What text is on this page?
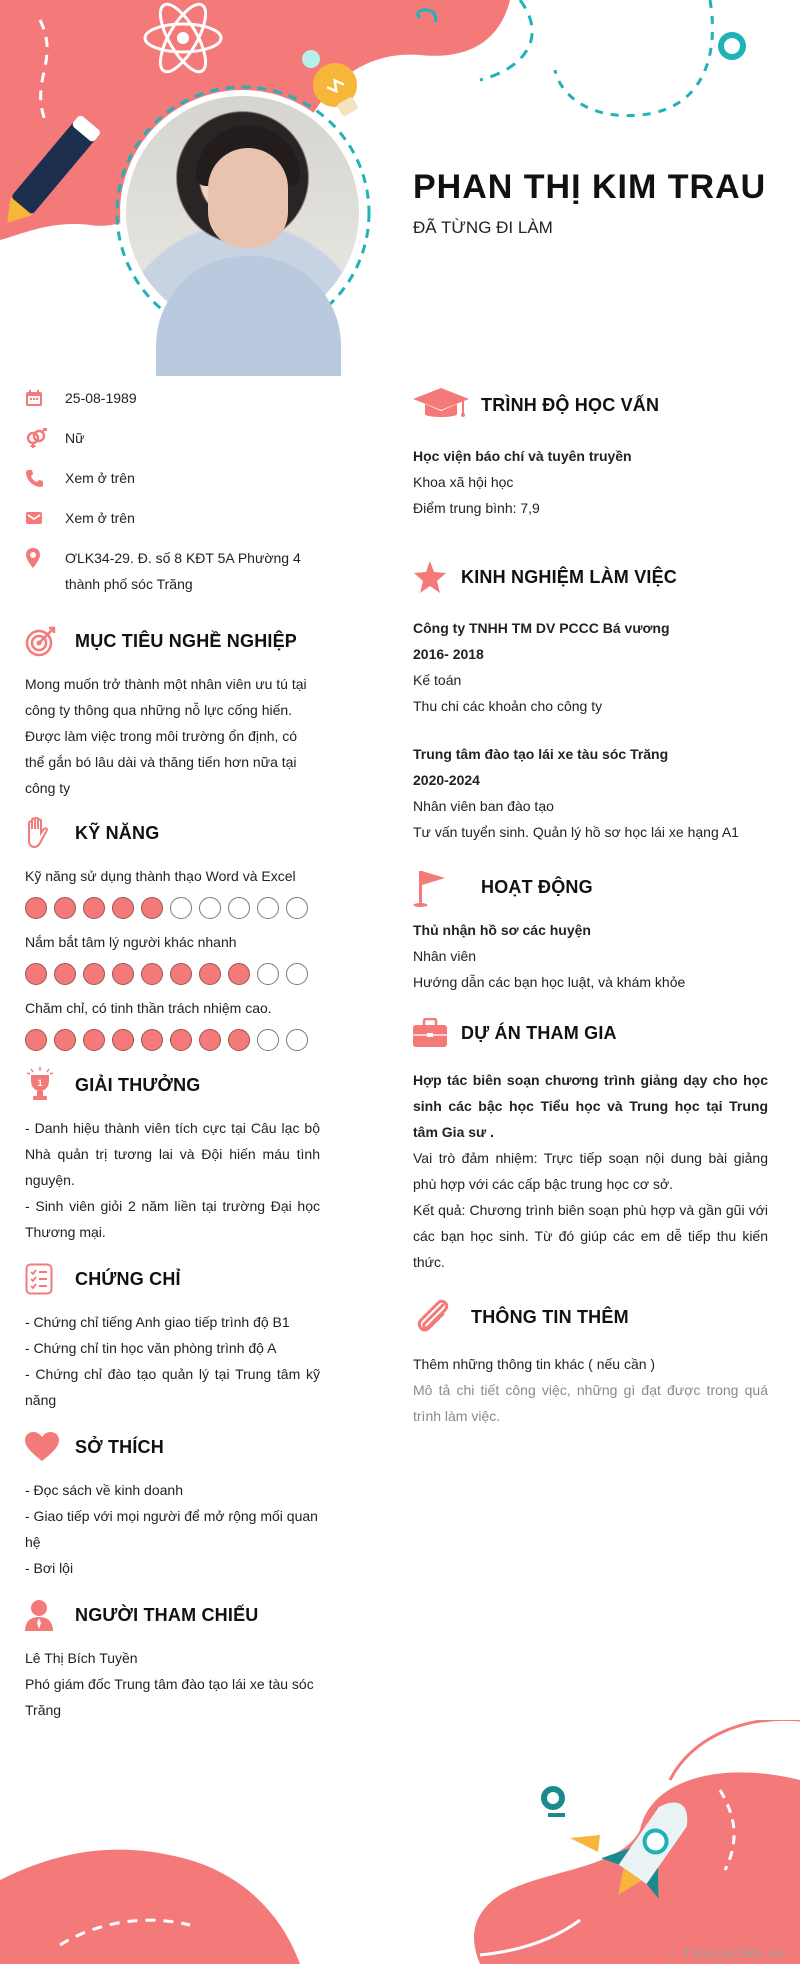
PHAN THỊ KIM TRAU
ĐÃ TỪNG ĐI LÀM
25-08-1989
Nữ
Xem ở trên
Xem ở trên
ƠLK34-29. Đ. số 8 KĐT 5A Phường 4 thành phố sóc Trăng
MỤC TIÊU NGHỀ NGHIỆP
Mong muốn trở thành một nhân viên ưu tú tại công ty thông qua những nỗ lực cống hiến. Được làm việc trong môi trường ổn định, có thể gắn bó lâu dài và thăng tiến hơn nữa tại công ty
KỸ NĂNG
Kỹ năng sử dụng thành thạo Word và Excel
Nắm bắt tâm lý người khác nhanh
Chăm chỉ, có tinh thần trách nhiệm cao.
1 GIẢI THƯỞNG
- Danh hiệu thành viên tích cực tại Câu lạc bộ Nhà quản trị tương lai và Đội hiến máu tình nguyện.
- Sinh viên giỏi 2 năm liền tại trường Đại học Thương mại.
CHỨNG CHỈ
- Chứng chỉ tiếng Anh giao tiếp trình độ B1
- Chứng chỉ tin học văn phòng trình độ A
- Chứng chỉ đào tạo quản lý tại Trung tâm kỹ năng
SỞ THÍCH
- Đọc sách về kinh doanh
- Giao tiếp với mọi người để mở rộng mối quan hệ
- Bơi lội
NGƯỜI THAM CHIẾU
Lê Thị Bích Tuyền
Phó giám đốc Trung tâm đào tạo lái xe tàu sóc Trăng
TRÌNH ĐỘ HỌC VẤN
Học viện báo chí và tuyên truyền
Khoa xã hội học
Điểm trung bình: 7,9
KINH NGHIỆM LÀM VIỆC
Công ty TNHH TM DV PCCC Bá vương
2016- 2018
Kế toán
Thu chi các khoản cho công ty
Trung tâm đào tạo lái xe tàu sóc Trăng
2020-2024
Nhân viên ban đào tạo
Tư vấn tuyển sinh. Quản lý hồ sơ học lái xe hạng A1
HOẠT ĐỘNG
Thủ nhận hồ sơ các huyện
Nhân viên
Hướng dẫn các bạn học luật, và khám khỏe
DỰ ÁN THAM GIA
Hợp tác biên soạn chương trình giảng dạy cho học sinh các bậc học Tiểu học và Trung học tại Trung tâm Gia sư .
Vai trò đảm nhiệm: Trực tiếp soạn nội dung bài giảng phù hợp với các cấp bậc trung học cơ sở.
Kết quả: Chương trình biên soạn phù hợp và gần gũi với các bạn học sinh. Từ đó giúp các em dễ tiếp thu kiến thức.
THÔNG TIN THÊM
Thêm những thông tin khác ( nếu cần )
Mô tả chi tiết công việc, những gì đạt được trong quá trình làm việc.
∴ Timviec365.vn
